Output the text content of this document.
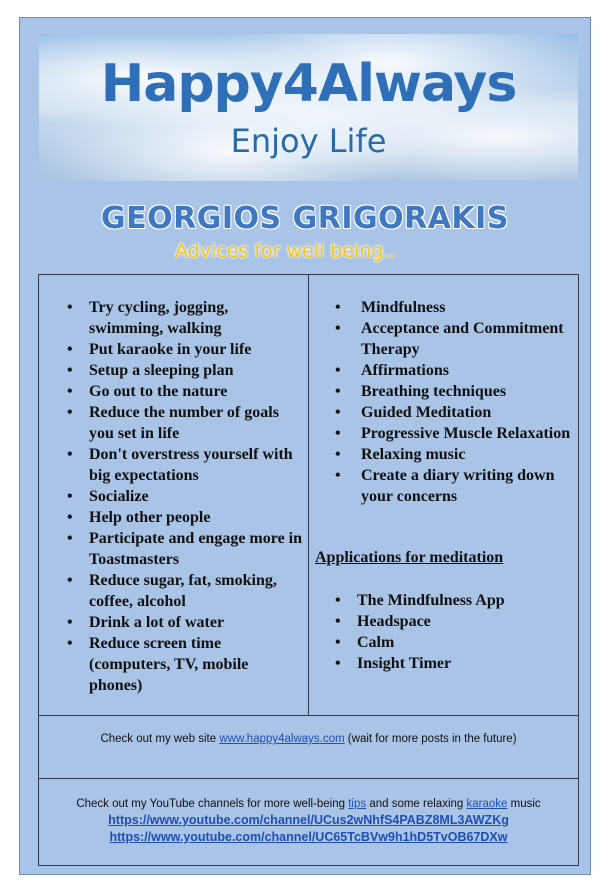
Happy4Always
Enjoy Life
GEORGIOS GRIGORAKIS
Advices for well being..
• Try cycling, jogging, swimming, walking
• Put karaoke in your life
• Setup a sleeping plan
• Go out to the nature
• Reduce the number of goals you set in life
• Don't overstress yourself with big expectations
• Socialize
• Help other people
• Participate and engage more in Toastmasters
• Reduce sugar, fat, smoking, coffee, alcohol
• Drink a lot of water
• Reduce screen time (computers, TV, mobile phones)
• Mindfulness
• Acceptance and Commitment Therapy
• Affirmations
• Breathing techniques
• Guided Meditation
• Progressive Muscle Relaxation
• Relaxing music
• Create a diary writing down your concerns
Applications for meditation
• The Mindfulness App
• Headspace
• Calm
• Insight Timer
Check out my web site www.happy4always.com (wait for more posts in the future)
Check out my YouTube channels for more well-being tips and some relaxing karaoke music
https://www.youtube.com/channel/UCus2wNhfS4PABZ8ML3AWZKg
https://www.youtube.com/channel/UC65TcBVw9h1hD5TvOB67DXw
